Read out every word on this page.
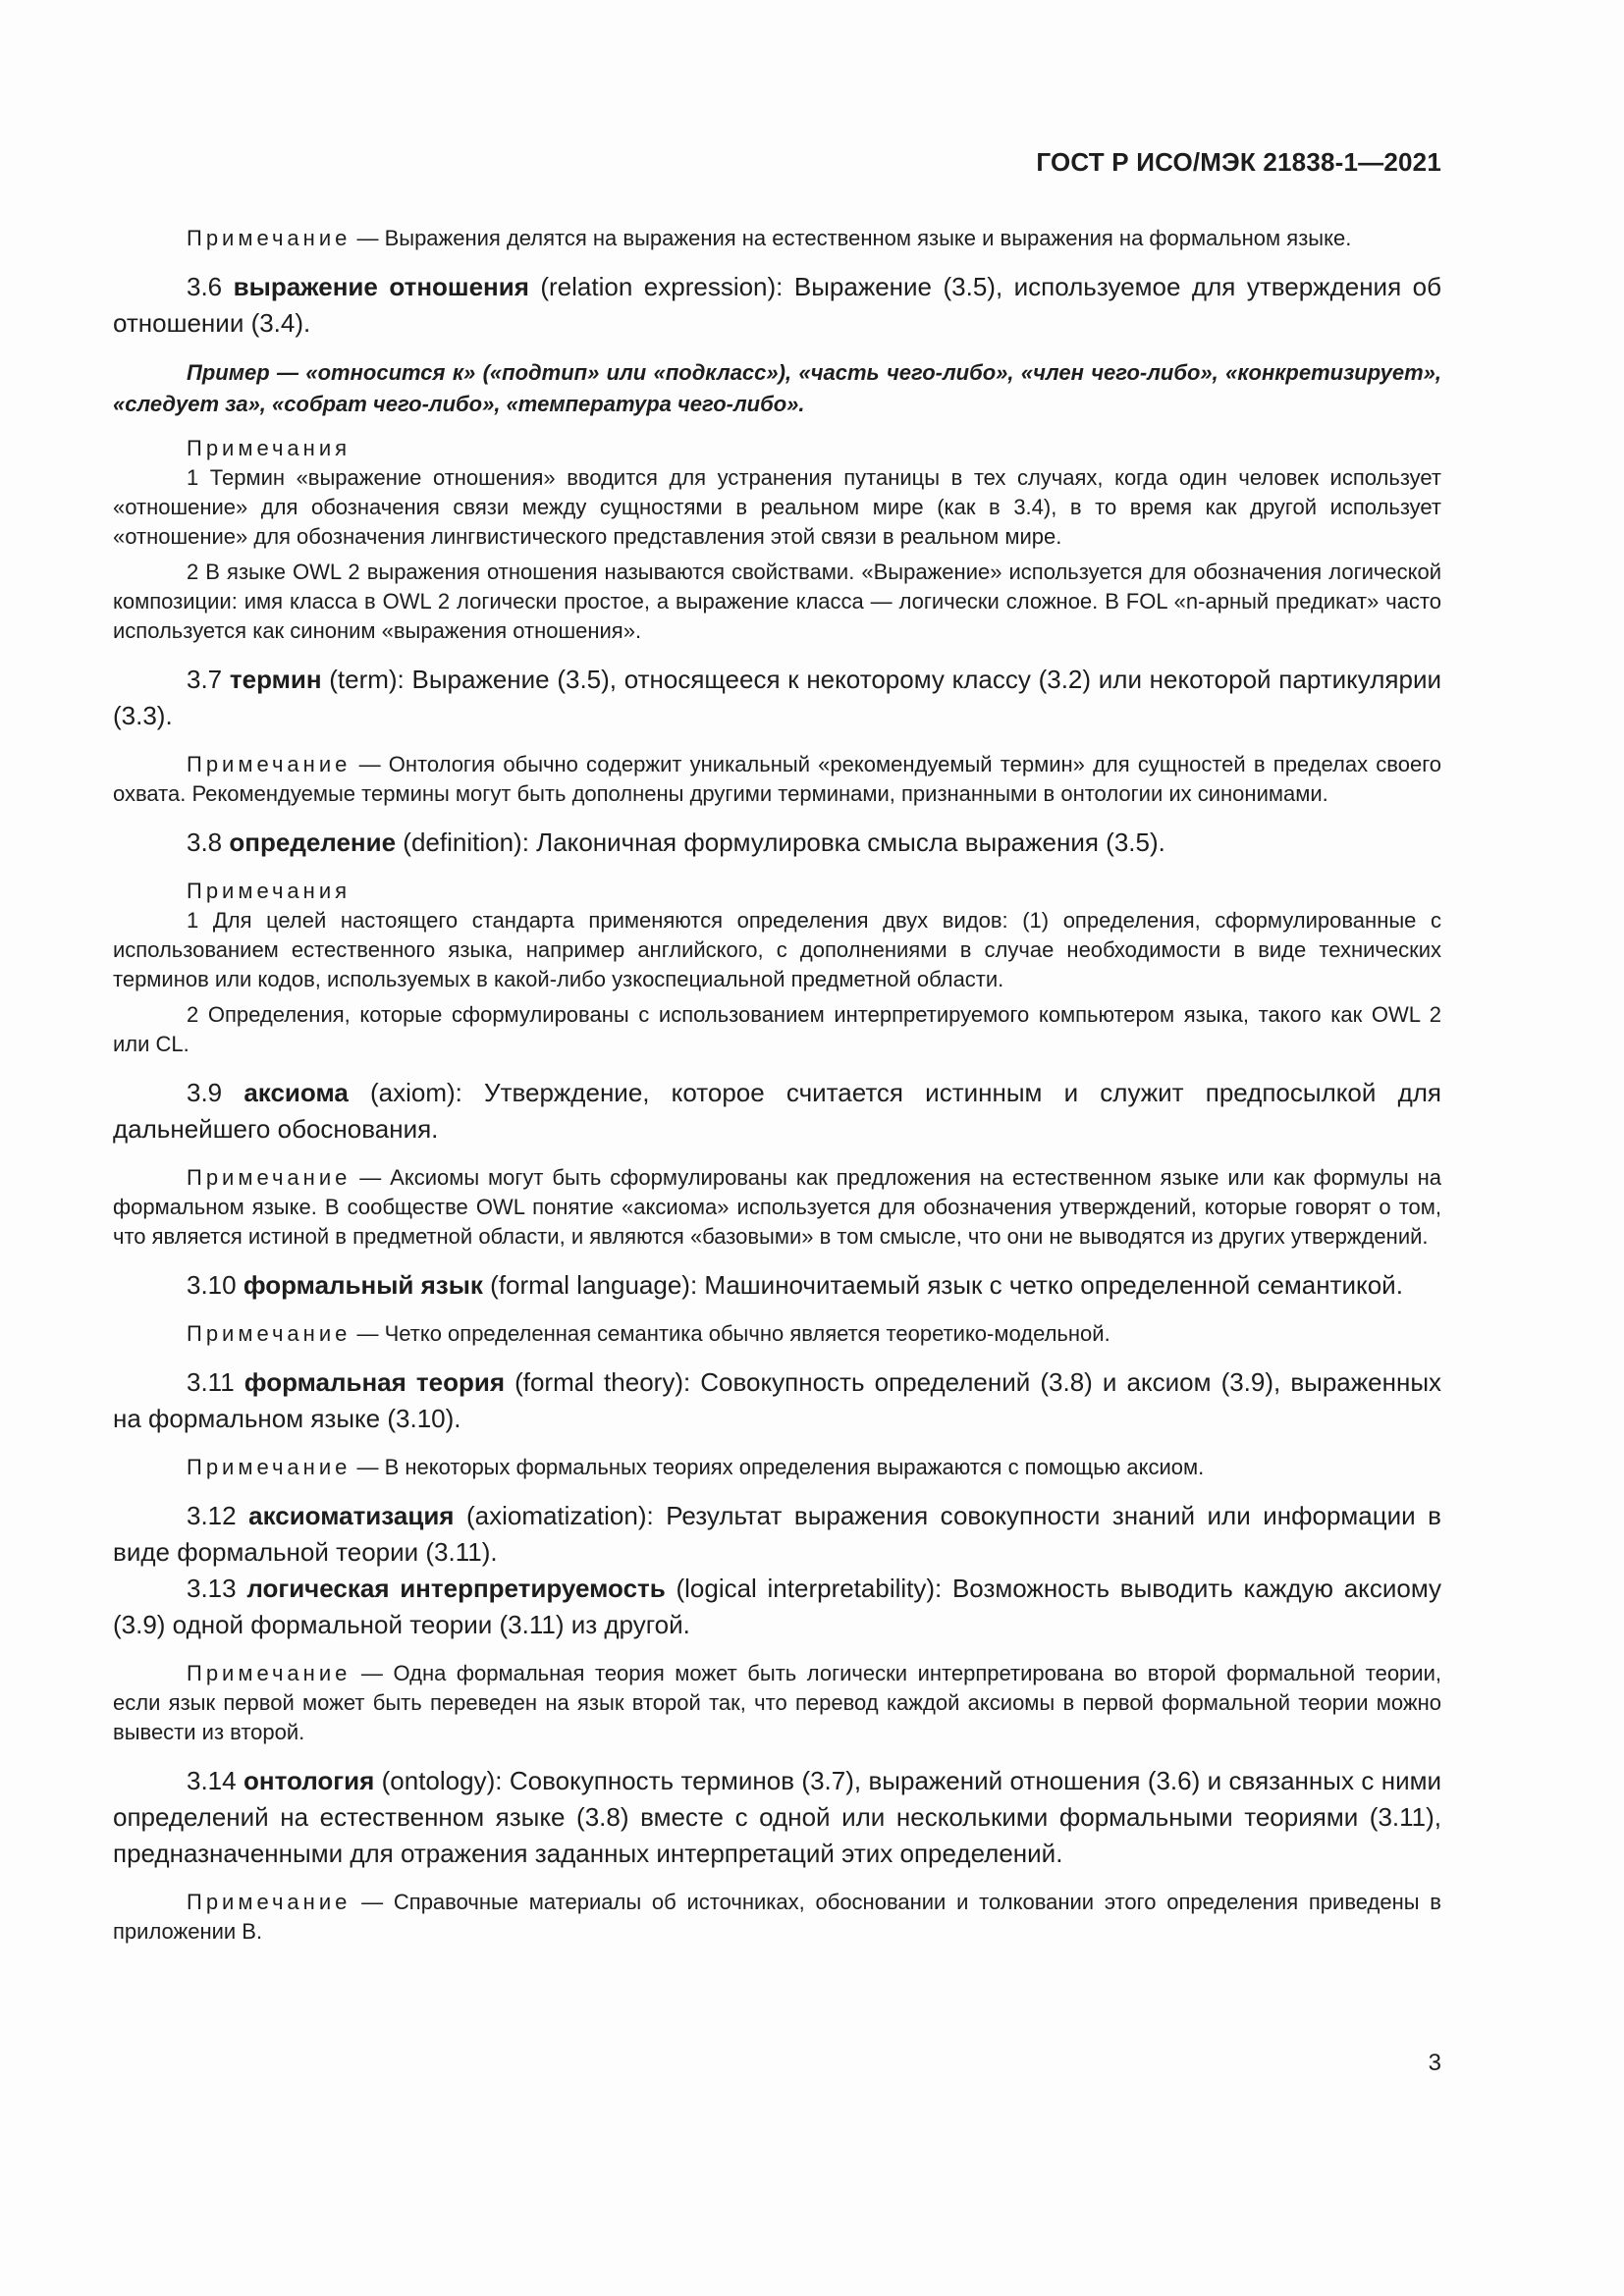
ГОСТ Р ИСО/МЭК 21838-1—2021

Примечание — Выражения делятся на выражения на естественном языке и выражения на формальном языке.

3.6 выражение отношения (relation expression): Выражение (3.5), используемое для утверждения об отношении (3.4).

Пример — «относится к» («подтип» или «подкласс»), «часть чего-либо», «член чего-либо», «конкретизирует», «следует за», «собрат чего-либо», «температура чего-либо».

Примечания

1 Термин «выражение отношения» вводится для устранения путаницы в тех случаях, когда один человек использует «отношение» для обозначения связи между сущностями в реальном мире (как в 3.4), в то время как другой использует «отношение» для обозначения лингвистического представления этой связи в реальном мире.

2 В языке OWL 2 выражения отношения называются свойствами. «Выражение» используется для обозначения логической композиции: имя класса в OWL 2 логически простое, а выражение класса — логически сложное. В FOL «n-арный предикат» часто используется как синоним «выражения отношения».

3.7 термин (term): Выражение (3.5), относящееся к некоторому классу (3.2) или некоторой партикулярии (3.3).

Примечание — Онтология обычно содержит уникальный «рекомендуемый термин» для сущностей в пределах своего охвата. Рекомендуемые термины могут быть дополнены другими терминами, признанными в онтологии их синонимами.

3.8 определение (definition): Лаконичная формулировка смысла выражения (3.5).

Примечания

1 Для целей настоящего стандарта применяются определения двух видов: (1) определения, сформулированные с использованием естественного языка, например английского, с дополнениями в случае необходимости в виде технических терминов или кодов, используемых в какой-либо узкоспециальной предметной области.

2 Определения, которые сформулированы с использованием интерпретируемого компьютером языка, такого как OWL 2 или CL.

3.9 аксиома (axiom): Утверждение, которое считается истинным и служит предпосылкой для дальнейшего обоснования.

Примечание — Аксиомы могут быть сформулированы как предложения на естественном языке или как формулы на формальном языке. В сообществе OWL понятие «аксиома» используется для обозначения утверждений, которые говорят о том, что является истиной в предметной области, и являются «базовыми» в том смысле, что они не выводятся из других утверждений.

3.10 формальный язык (formal language): Машиночитаемый язык с четко определенной семантикой.

Примечание — Четко определенная семантика обычно является теоретико-модельной.

3.11 формальная теория (formal theory): Совокупность определений (3.8) и аксиом (3.9), выраженных на формальном языке (3.10).

Примечание — В некоторых формальных теориях определения выражаются с помощью аксиом.

3.12 аксиоматизация (axiomatization): Результат выражения совокупности знаний или информации в виде формальной теории (3.11).

3.13 логическая интерпретируемость (logical interpretability): Возможность выводить каждую аксиому (3.9) одной формальной теории (3.11) из другой.

Примечание — Одна формальная теория может быть логически интерпретирована во второй формальной теории, если язык первой может быть переведен на язык второй так, что перевод каждой аксиомы в первой формальной теории можно вывести из второй.

3.14 онтология (ontology): Совокупность терминов (3.7), выражений отношения (3.6) и связанных с ними определений на естественном языке (3.8) вместе с одной или несколькими формальными теориями (3.11), предназначенными для отражения заданных интерпретаций этих определений.

Примечание — Справочные материалы об источниках, обосновании и толковании этого определения приведены в приложении В.

3
